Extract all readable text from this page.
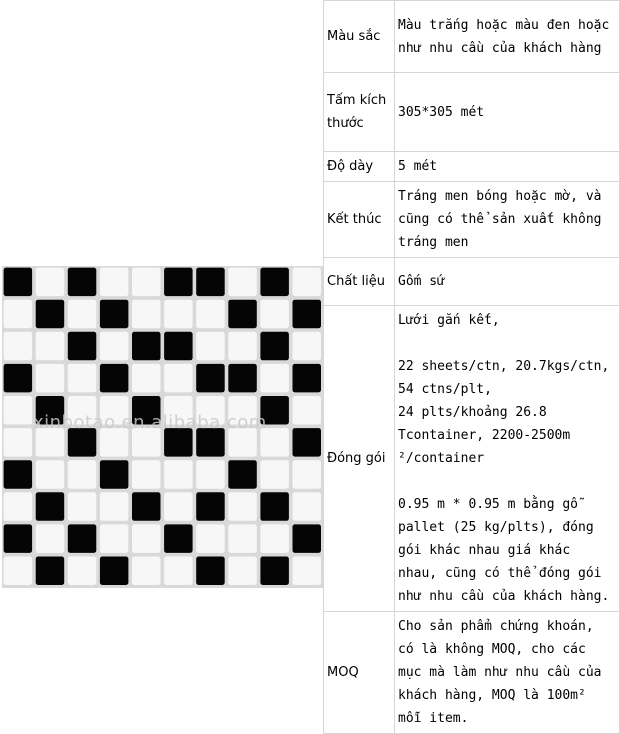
xinbotao.en.alibaba.com
Màu sắc	Màu trắng hoặc màu đen hoặc như nhu cầu của khách hàng
Tấm kích thước	305*305 mét
Độ dày	5 mét
Kết thúc	Tráng men bóng hoặc mờ, và cũng có thể sản xuất không tráng men
Chất liệu	Gốm sứ
Đóng gói	Lưới gắn kết,

22 sheets/ctn, 20.7kgs/ctn, 54 ctns/plt,
24 plts/khoảng 26.8 Tcontainer, 2200-2500m ²/container

0.95 m * 0.95 m bằng gỗ pallet (25 kg/plts), đóng gói khác nhau giá khác nhau, cũng có thể đóng gói như nhu cầu của khách hàng.
MOQ	Cho sản phẩm chứng khoán, có là không MOQ, cho các mục mà làm như nhu cầu của khách hàng, MOQ là 100m² mỗi item.
